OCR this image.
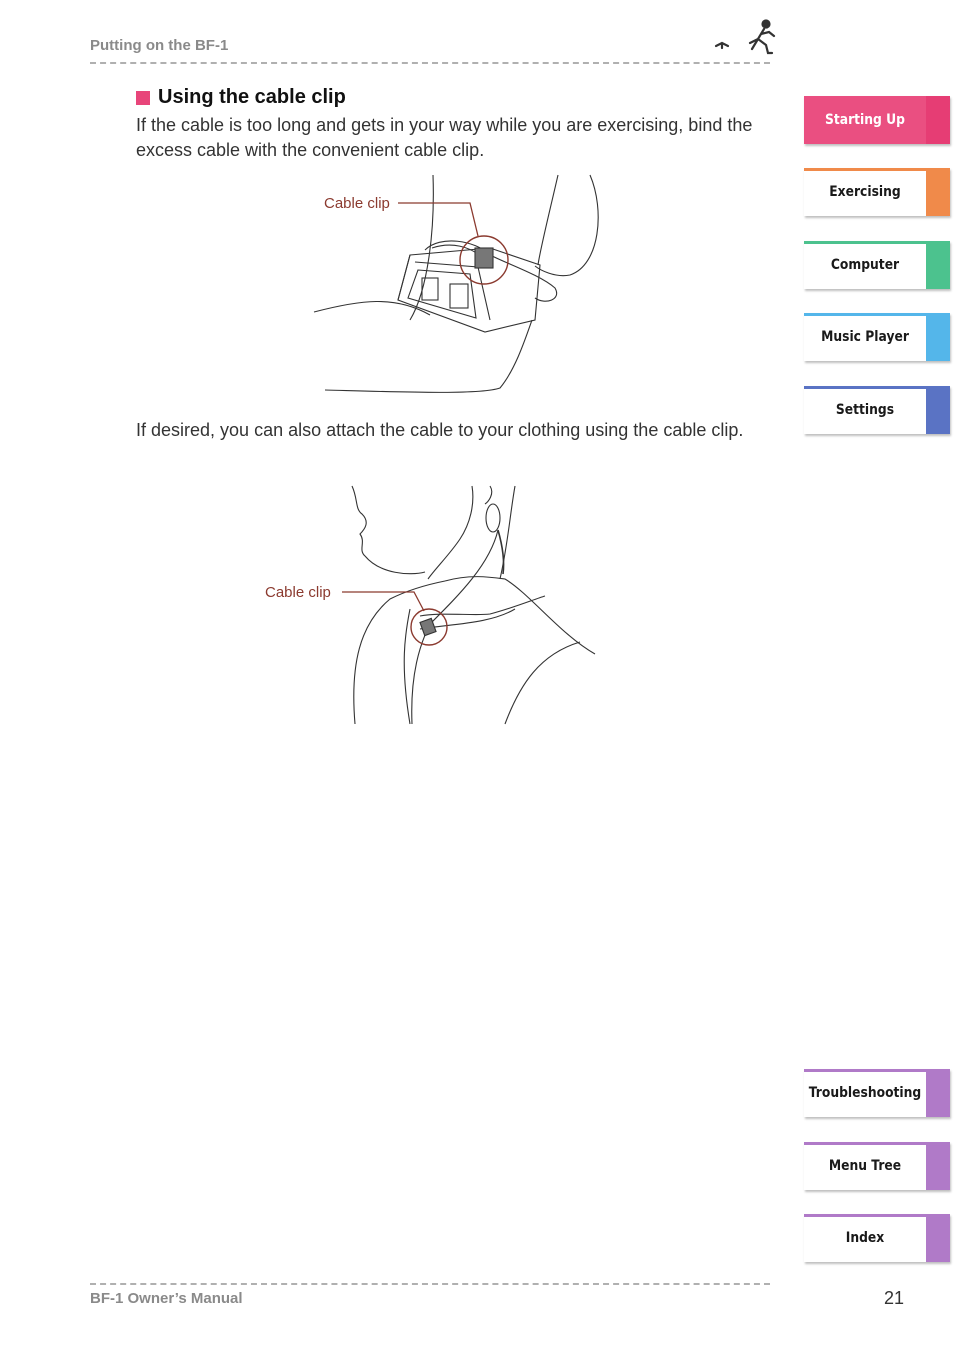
Putting on the BF-1
Using the cable clip

If the cable is too long and gets in your way while you are exercising, bind the excess cable with the convenient cable clip.

Cable clip

If desired, you can also attach the cable to your clothing using the cable clip.

Cable clip
Starting Up
Exercising
Computer
Music Player
Settings
Troubleshooting
Menu Tree
Index
BF-1 Owner’s Manual	21
